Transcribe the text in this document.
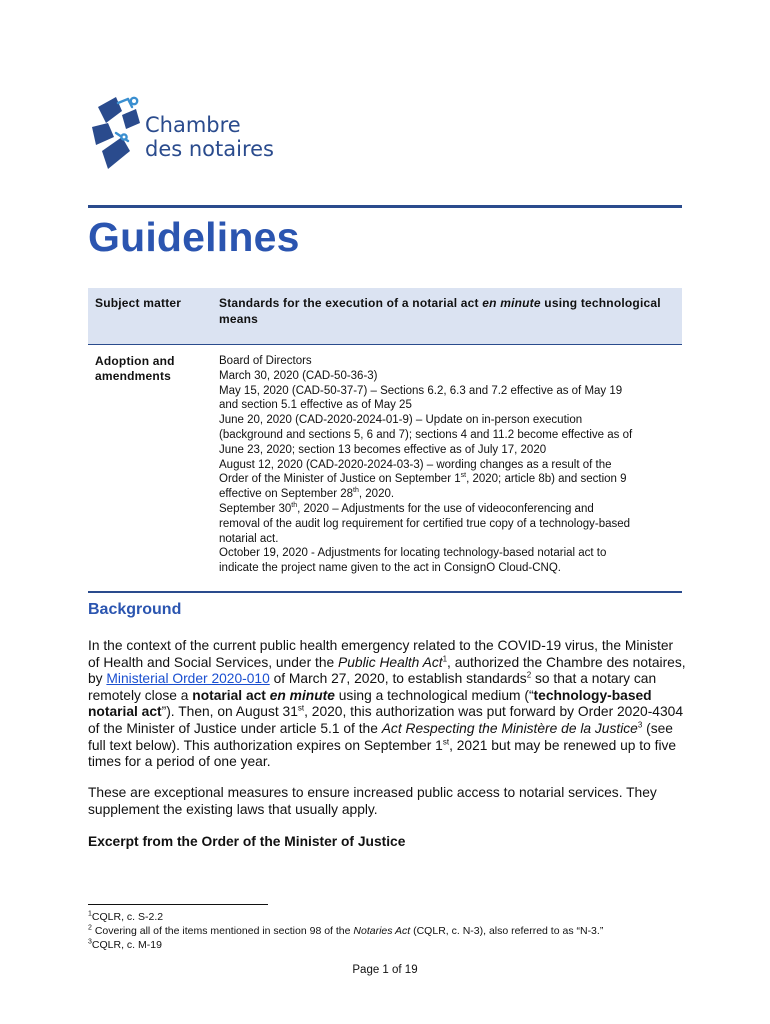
Chambre
des notaires
Guidelines
Subject matter	Standards for the execution of a notarial act en minute using technological means
Adoption and amendments
Board of Directors
March 30, 2020 (CAD-50-36-3)
May 15, 2020 (CAD-50-37-7) – Sections 6.2, 6.3 and 7.2 effective as of May 19
and section 5.1 effective as of May 25
June 20, 2020 (CAD-2020-2024-01-9) – Update on in-person execution
(background and sections 5, 6 and 7); sections 4 and 11.2 become effective as of
June 23, 2020; section 13 becomes effective as of July 17, 2020
August 12, 2020 (CAD-2020-2024-03-3) – wording changes as a result of the
Order of the Minister of Justice on September 1st, 2020; article 8b) and section 9
effective on September 28th, 2020.
September 30th, 2020 – Adjustments for the use of videoconferencing and
removal of the audit log requirement for certified true copy of a technology-based
notarial act.
October 19, 2020 - Adjustments for locating technology-based notarial act to
indicate the project name given to the act in ConsignO Cloud-CNQ.
Background
In the context of the current public health emergency related to the COVID-19 virus, the Minister
of Health and Social Services, under the Public Health Act$^1$, authorized the Chambre des notaires,
by Ministerial Order 2020-010 of March 27, 2020, to establish standards$^2$ so that a notary can
remotely close a notarial act en minute using a technological medium (“technology-based
notarial act”). Then, on August 31st, 2020, this authorization was put forward by Order 2020-4304
of the Minister of Justice under article 5.1 of the Act Respecting the Ministère de la Justice$^3$ (see
full text below). This authorization expires on September 1st, 2021 but may be renewed up to five
times for a period of one year.
These are exceptional measures to ensure increased public access to notarial services. They
supplement the existing laws that usually apply.
Excerpt from the Order of the Minister of Justice
$^1$CQLR, c. S-2.2
$^2$ Covering all of the items mentioned in section 98 of the Notaries Act (CQLR, c. N-3), also referred to as “N-3.”
$^3$CQLR, c. M-19
Page 1 of 19
